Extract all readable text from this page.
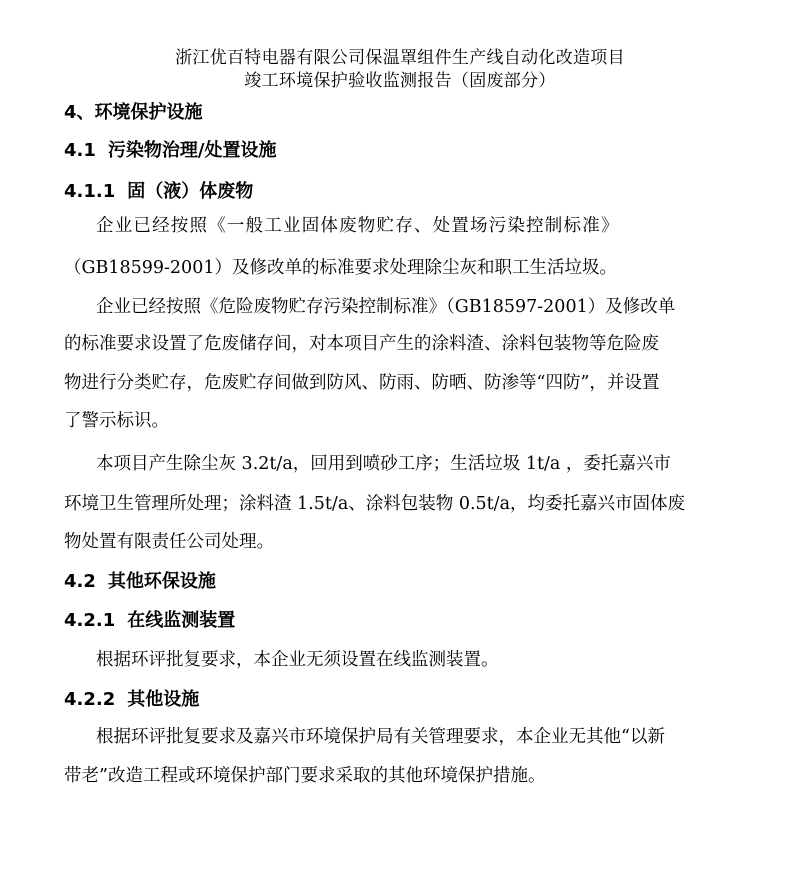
浙江优百特电器有限公司保温罩组件生产线自动化改造项目
竣工环境保护验收监测报告（固废部分）
4、环境保护设施
4.1 污染物治理/处置设施
4.1.1 固（液）体废物
企业已经按照《一般工业固体废物贮存、处置场污染控制标准》
（GB18599-2001）及修改单的标准要求处理除尘灰和职工生活垃圾。
企业已经按照《危险废物贮存污染控制标准》（GB18597-2001）及修改单
的标准要求设置了危废储存间，对本项目产生的涂料渣、涂料包装物等危险废
物进行分类贮存，危废贮存间做到防风、防雨、防晒、防渗等“四防”，并设置
了警示标识。
本项目产生除尘灰 3.2t/a，回用到喷砂工序；生活垃圾 1t/a ，委托嘉兴市
环境卫生管理所处理；涂料渣 1.5t/a、涂料包装物 0.5t/a，均委托嘉兴市固体废
物处置有限责任公司处理。
4.2 其他环保设施
4.2.1 在线监测装置
根据环评批复要求，本企业无须设置在线监测装置。
4.2.2 其他设施
根据环评批复要求及嘉兴市环境保护局有关管理要求，本企业无其他“以新
带老”改造工程或环境保护部门要求采取的其他环境保护措施。
